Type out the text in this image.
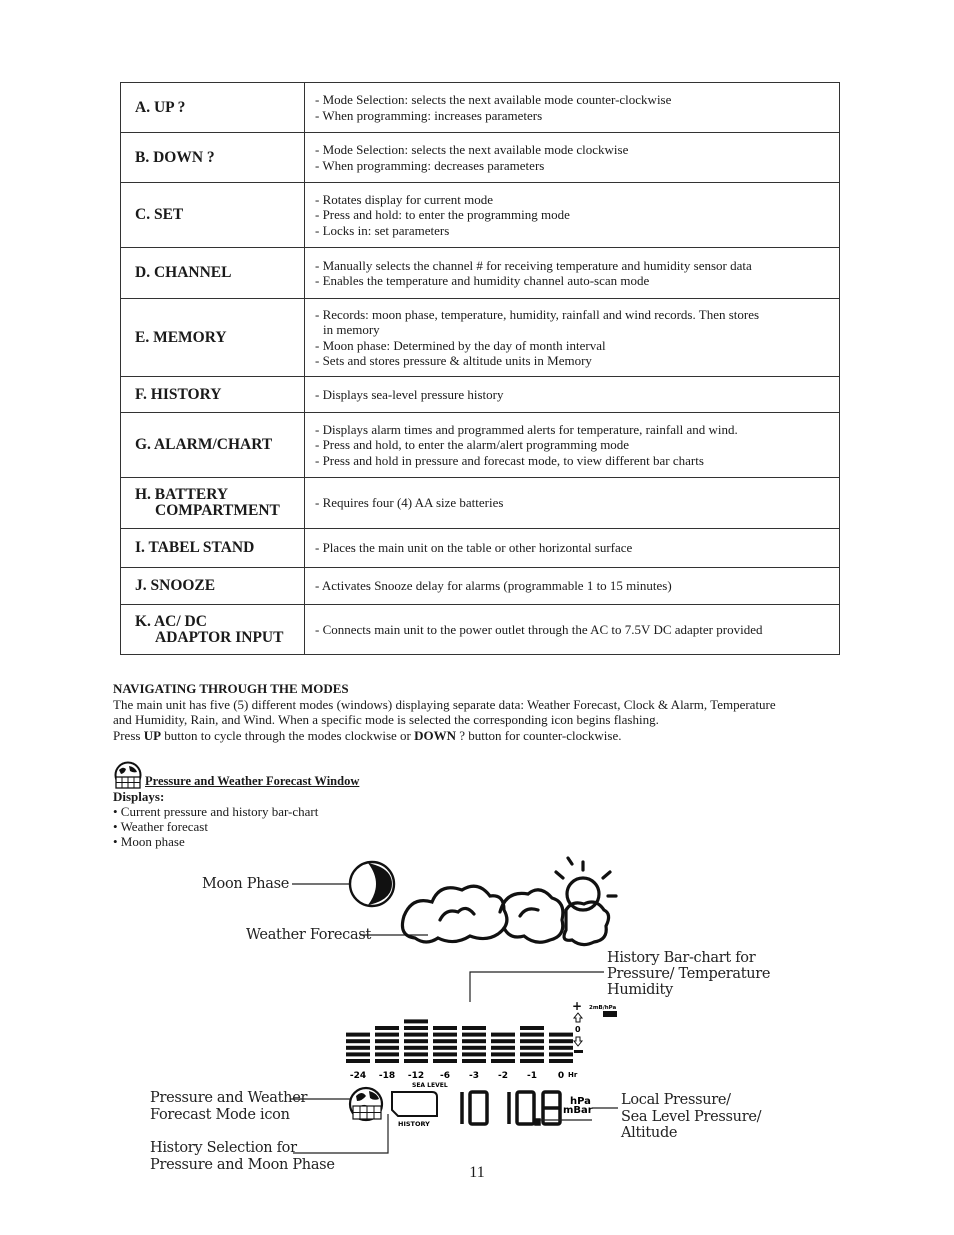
A. UP ?	- Mode Selection: selects the next available mode counter-clockwise
- When programming: increases parameters

B. DOWN ?	- Mode Selection: selects the next available mode clockwise
- When programming: decreases parameters

C. SET	- Rotates display for current mode
- Press and hold: to enter the programming mode
- Locks in: set parameters

D. CHANNEL	- Manually selects the channel # for receiving temperature and humidity sensor data
- Enables the temperature and humidity channel auto-scan mode

E. MEMORY	- Records: moon phase, temperature, humidity, rainfall and wind records. Then stores
in memory
- Moon phase: Determined by the day of month interval
- Sets and stores pressure & altitude units in Memory

F. HISTORY	- Displays sea-level pressure history

G. ALARM/CHART	- Displays alarm times and programmed alerts for temperature, rainfall and wind.
- Press and hold, to enter the alarm/alert programming mode
- Press and hold in pressure and forecast mode, to view different bar charts

H. BATTERY
COMPARTMENT	- Requires four (4) AA size batteries

I. TABEL STAND	- Places the main unit on the table or other horizontal surface

J. SNOOZE	- Activates Snooze delay for alarms (programmable 1 to 15 minutes)

K. AC/ DC
ADAPTOR INPUT	- Connects main unit to the power outlet through the AC to 7.5V DC adapter provided
NAVIGATING THROUGH THE MODES
The main unit has five (5) different modes (windows) displaying separate data: Weather Forecast, Clock & Alarm, Temperature
and Humidity, Rain, and Wind. When a specific mode is selected the corresponding icon begins flashing.
Press UP button to cycle through the modes clockwise or DOWN ? button for counter-clockwise.
Pressure and Weather Forecast Window
Displays:
• Current pressure and history bar-chart
• Weather forecast
• Moon phase
Moon Phase
Weather Forecast
History Bar-chart for
Pressure/ Temperature
Humidity
-24 -18 -12 -6 -3 -2 -1 0 Hr
+ 2mB/hPa
0
Pressure and Weather
Forecast Mode icon
SEA LEVEL
HISTORY
History Selection for
Pressure and Moon Phase
hPa
mBar
Local Pressure/
Sea Level Pressure/
Altitude
11
